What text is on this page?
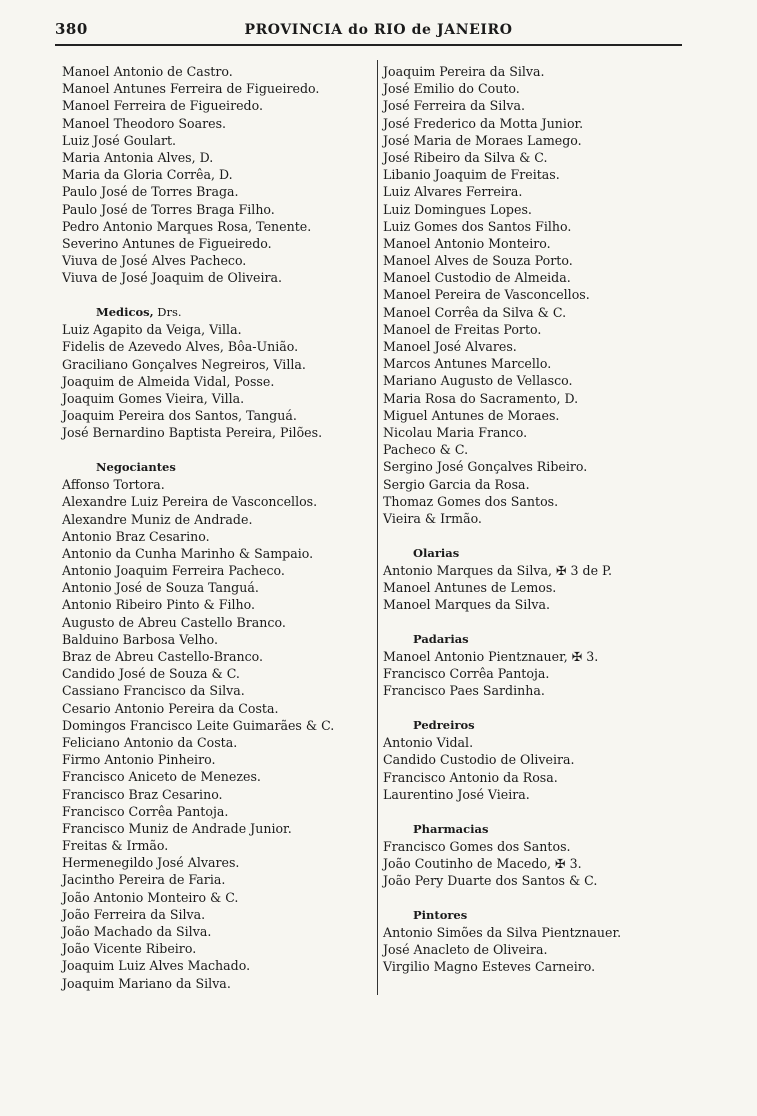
380	PROVINCIA do RIO de JANEIRO
Manoel Antonio de Castro.
Manoel Antunes Ferreira de Figueiredo.
Manoel Ferreira de Figueiredo.
Manoel Theodoro Soares.
Luiz José Goulart.
Maria Antonia Alves, D.
Maria da Gloria Corrêa, D.
Paulo José de Torres Braga.
Paulo José de Torres Braga Filho.
Pedro Antonio Marques Rosa, Tenente.
Severino Antunes de Figueiredo.
Viuva de José Alves Pacheco.
Viuva de José Joaquim de Oliveira.
Medicos, Drs.
Luiz Agapito da Veiga, Villa.
Fidelis de Azevedo Alves, Bôa-União.
Graciliano Gonçalves Negreiros, Villa.
Joaquim de Almeida Vidal, Posse.
Joaquim Gomes Vieira, Villa.
Joaquim Pereira dos Santos, Tanguá.
José Bernardino Baptista Pereira, Pilões.
Negociantes
Affonso Tortora.
Alexandre Luiz Pereira de Vasconcellos.
Alexandre Muniz de Andrade.
Antonio Braz Cesarino.
Antonio da Cunha Marinho & Sampaio.
Antonio Joaquim Ferreira Pacheco.
Antonio José de Souza Tanguá.
Antonio Ribeiro Pinto & Filho.
Augusto de Abreu Castello Branco.
Balduino Barbosa Velho.
Braz de Abreu Castello-Branco.
Candido José de Souza & C.
Cassiano Francisco da Silva.
Cesario Antonio Pereira da Costa.
Domingos Francisco Leite Guimarães & C.
Feliciano Antonio da Costa.
Firmo Antonio Pinheiro.
Francisco Aniceto de Menezes.
Francisco Braz Cesarino.
Francisco Corrêa Pantoja.
Francisco Muniz de Andrade Junior.
Freitas & Irmão.
Hermenegildo José Alvares.
Jacintho Pereira de Faria.
João Antonio Monteiro & C.
João Ferreira da Silva.
João Machado da Silva.
João Vicente Ribeiro.
Joaquim Luiz Alves Machado.
Joaquim Mariano da Silva.
Joaquim Pereira da Silva.
José Emilio do Couto.
José Ferreira da Silva.
José Frederico da Motta Junior.
José Maria de Moraes Lamego.
José Ribeiro da Silva & C.
Libanio Joaquim de Freitas.
Luiz Alvares Ferreira.
Luiz Domingues Lopes.
Luiz Gomes dos Santos Filho.
Manoel Antonio Monteiro.
Manoel Alves de Souza Porto.
Manoel Custodio de Almeida.
Manoel Pereira de Vasconcellos.
Manoel Corrêa da Silva & C.
Manoel de Freitas Porto.
Manoel José Alvares.
Marcos Antunes Marcello.
Mariano Augusto de Vellasco.
Maria Rosa do Sacramento, D.
Miguel Antunes de Moraes.
Nicolau Maria Franco.
Pacheco & C.
Sergino José Gonçalves Ribeiro.
Sergio Garcia da Rosa.
Thomaz Gomes dos Santos.
Vieira & Irmão.
Olarias
Antonio Marques da Silva, ✠ 3 de P.
Manoel Antunes de Lemos.
Manoel Marques da Silva.
Padarias
Manoel Antonio Pientznauer, ✠ 3.
Francisco Corrêa Pantoja.
Francisco Paes Sardinha.
Pedreiros
Antonio Vidal.
Candido Custodio de Oliveira.
Francisco Antonio da Rosa.
Laurentino José Vieira.
Pharmacias
Francisco Gomes dos Santos.
João Coutinho de Macedo, ✠ 3.
João Pery Duarte dos Santos & C.
Pintores
Antonio Simões da Silva Pientznauer.
José Anacleto de Oliveira.
Virgilio Magno Esteves Carneiro.
